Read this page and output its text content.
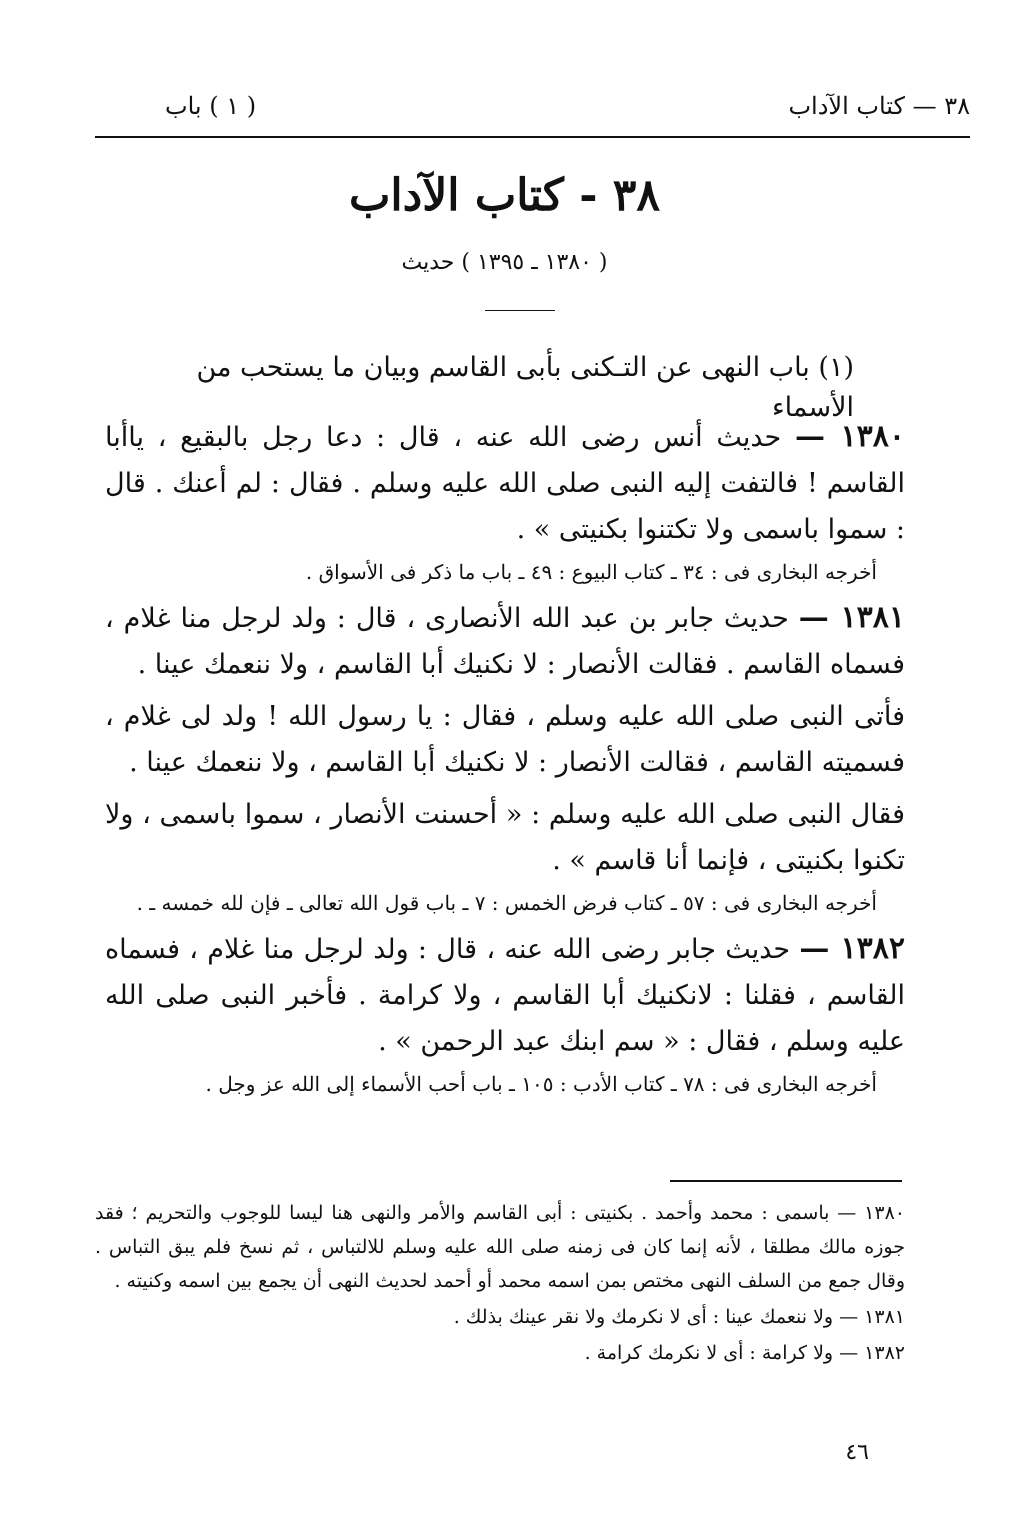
٣٨ — كتاب الآداب
( ١ ) باب
٣٨ - كتاب الآداب
( ١٣٨٠ ـ ١٣٩٥ ) حديث
(١) باب النهى عن التـكنى بأبى القاسم وبيان ما يستحب من الأسماء

١٣٨٠ — حديث أنس رضى الله عنه ، قال : دعا رجل بالبقيع ، ياأبا القاسم ! فالتفت إليه النبى صلى الله عليه وسلم . فقال : لم أعنك . قال : سموا باسمى ولا تكتنوا بكنيتى » .

أخرجه البخارى فى : ٣٤ ـ كتاب البيوع : ٤٩ ـ باب ما ذكر فى الأسواق .

١٣٨١ — حديث جابر بن عبد الله الأنصارى ، قال : ولد لرجل منا غلام ، فسماه القاسم . فقالت الأنصار : لا نكنيك أبا القاسم ، ولا ننعمك عينا .

فأتى النبى صلى الله عليه وسلم ، فقال : يا رسول الله ! ولد لى غلام ، فسميته القاسم ، فقالت الأنصار : لا نكنيك أبا القاسم ، ولا ننعمك عينا .

فقال النبى صلى الله عليه وسلم : « أحسنت الأنصار ، سموا باسمى ، ولا تكنوا بكنيتى ، فإنما أنا قاسم » .

أخرجه البخارى فى : ٥٧ ـ كتاب فرض الخمس : ٧ ـ باب قول الله تعالى ـ فإن لله خمسه ـ .

١٣٨٢ — حديث جابر رضى الله عنه ، قال : ولد لرجل منا غلام ، فسماه القاسم ، فقلنا : لانكنيك أبا القاسم ، ولا كرامة . فأخبر النبى صلى الله عليه وسلم ، فقال : « سم ابنك عبد الرحمن » .

أخرجه البخارى فى : ٧٨ ـ كتاب الأدب : ١٠٥ ـ باب أحب الأسماء إلى الله عز وجل .

١٣٨٠ — باسمى : محمد وأحمد . بكنيتى : أبى القاسم والأمر والنهى هنا ليسا للوجوب والتحريم ؛ فقد جوزه مالك مطلقا ، لأنه إنما كان فى زمنه صلى الله عليه وسلم للالتباس ، ثم نسخ فلم يبق التباس . وقال جمع من السلف النهى مختص بمن اسمه محمد أو أحمد لحديث النهى أن يجمع بين اسمه وكنيته .

١٣٨١ — ولا ننعمك عينا : أى لا نكرمك ولا نقر عينك بذلك .

١٣٨٢ — ولا كرامة : أى لا نكرمك كرامة .

٤٦
